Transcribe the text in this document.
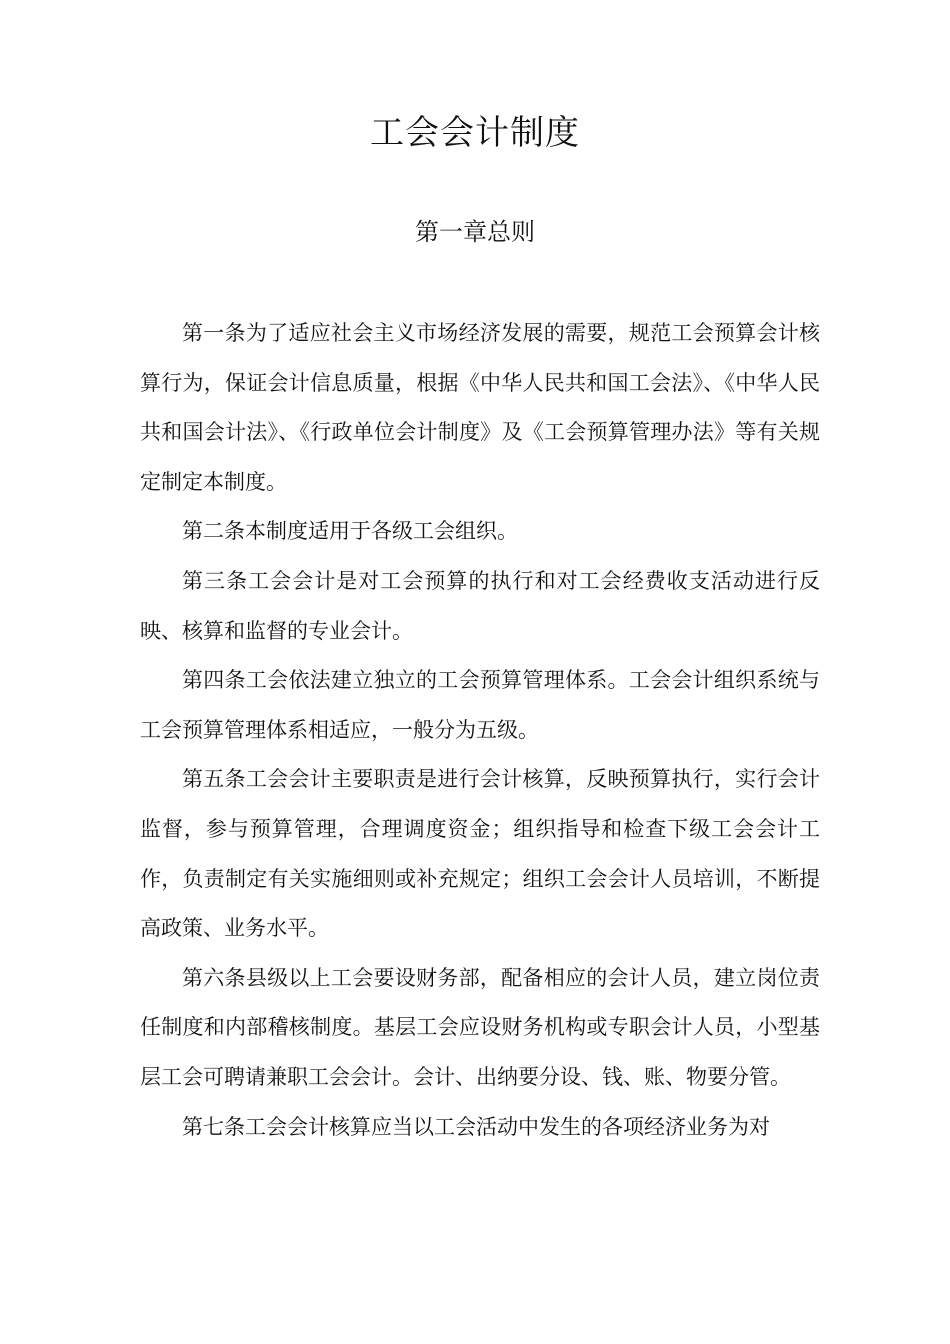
工会会计制度
第一章总则

第一条为了适应社会主义市场经济发展的需要，规范工会预算会计核算行为，保证会计信息质量，根据《中华人民共和国工会法》、《中华人民共和国会计法》、《行政单位会计制度》及《工会预算管理办法》等有关规定制定本制度。

第二条本制度适用于各级工会组织。

第三条工会会计是对工会预算的执行和对工会经费收支活动进行反映、核算和监督的专业会计。

第四条工会依法建立独立的工会预算管理体系。工会会计组织系统与工会预算管理体系相适应，一般分为五级。

第五条工会会计主要职责是进行会计核算，反映预算执行，实行会计监督，参与预算管理，合理调度资金；组织指导和检查下级工会会计工作，负责制定有关实施细则或补充规定；组织工会会计人员培训，不断提高政策、业务水平。

第六条县级以上工会要设财务部，配备相应的会计人员，建立岗位责任制度和内部稽核制度。基层工会应设财务机构或专职会计人员，小型基层工会可聘请兼职工会会计。会计、出纳要分设、钱、账、物要分管。

第七条工会会计核算应当以工会活动中发生的各项经济业务为对
